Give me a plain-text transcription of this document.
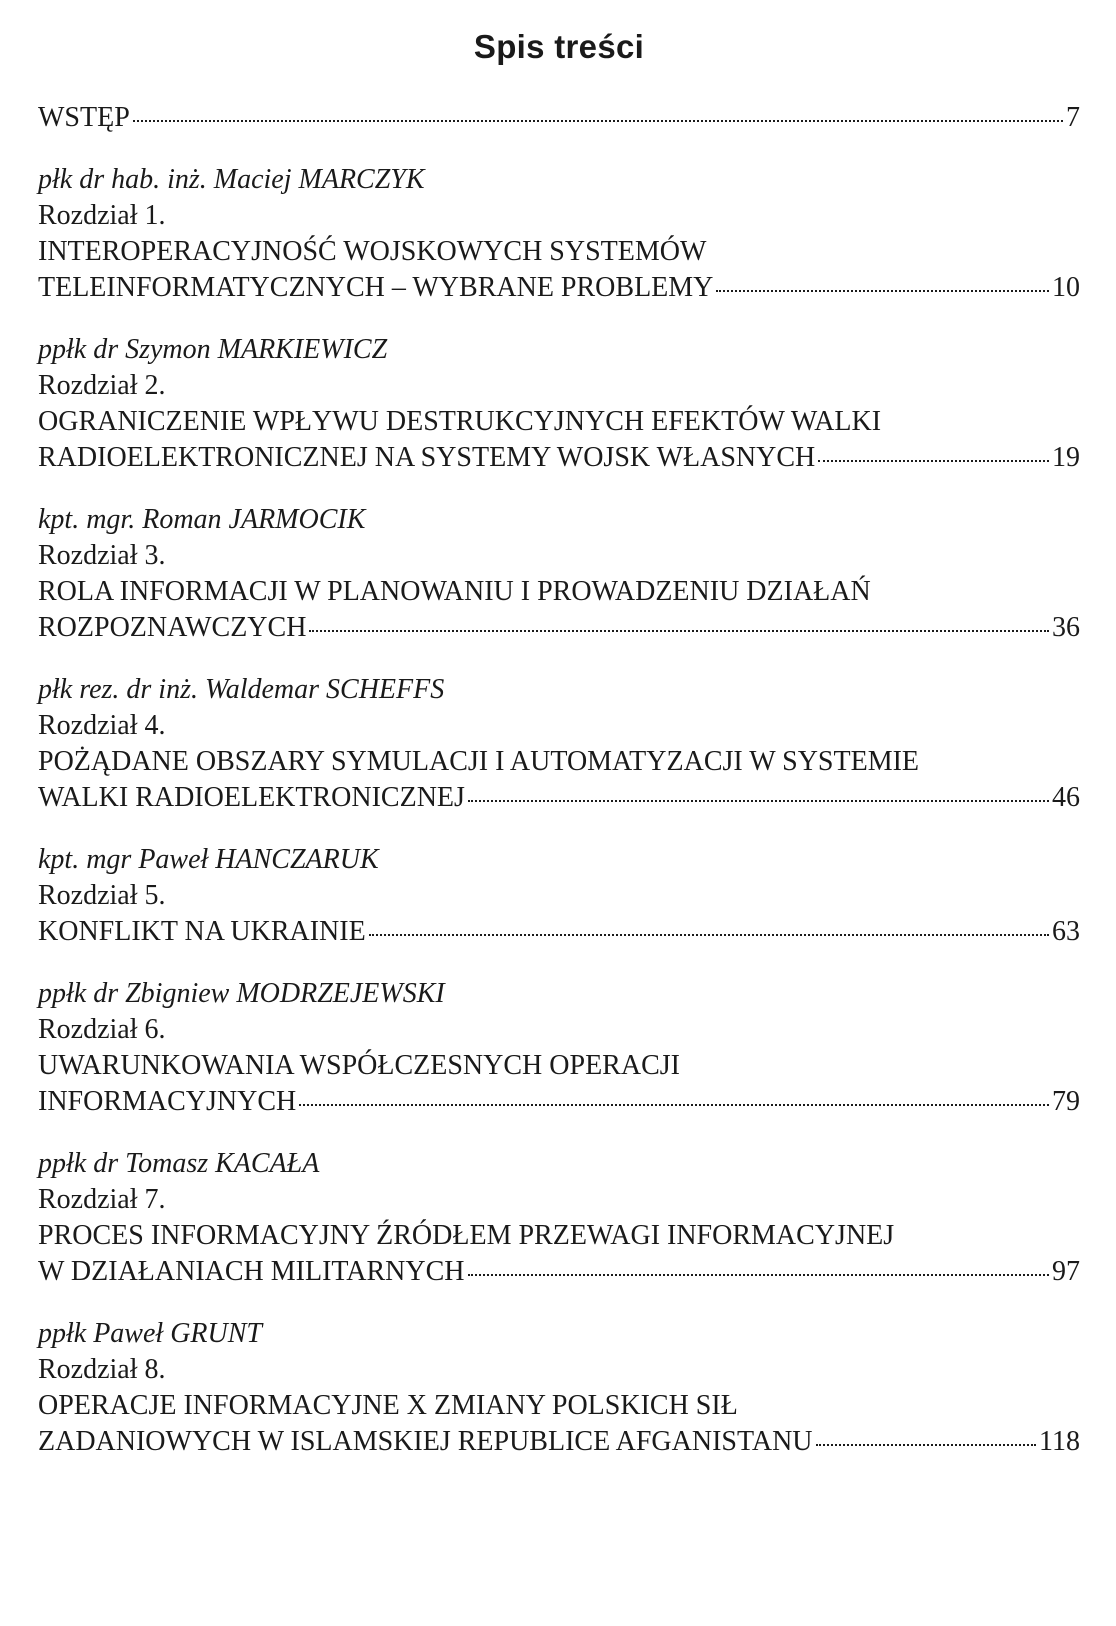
Spis treści
WSTĘP	7
płk dr hab. inż. Maciej MARCZYK
Rozdział 1.
INTEROPERACYJNOŚĆ WOJSKOWYCH SYSTEMÓW
TELEINFORMATYCZNYCH – WYBRANE PROBLEMY	10
ppłk dr Szymon MARKIEWICZ
Rozdział 2.
OGRANICZENIE WPŁYWU DESTRUKCYJNYCH EFEKTÓW WALKI
RADIOELEKTRONICZNEJ NA SYSTEMY WOJSK WŁASNYCH	19
kpt. mgr. Roman JARMOCIK
Rozdział 3.
ROLA INFORMACJI W PLANOWANIU I PROWADZENIU DZIAŁAŃ
ROZPOZNAWCZYCH	36
płk rez. dr inż. Waldemar SCHEFFS
Rozdział 4.
POŻĄDANE OBSZARY SYMULACJI I AUTOMATYZACJI W SYSTEMIE
WALKI RADIOELEKTRONICZNEJ	46
kpt. mgr Paweł HANCZARUK
Rozdział 5.
KONFLIKT NA UKRAINIE	63
ppłk dr Zbigniew MODRZEJEWSKI
Rozdział 6.
UWARUNKOWANIA WSPÓŁCZESNYCH OPERACJI
INFORMACYJNYCH	79
ppłk dr Tomasz KACAŁA
Rozdział 7.
PROCES INFORMACYJNY ŹRÓDŁEM PRZEWAGI INFORMACYJNEJ
W DZIAŁANIACH MILITARNYCH	97
ppłk Paweł GRUNT
Rozdział 8.
OPERACJE INFORMACYJNE X ZMIANY POLSKICH SIŁ
ZADANIOWYCH W ISLAMSKIEJ REPUBLICE AFGANISTANU	118
